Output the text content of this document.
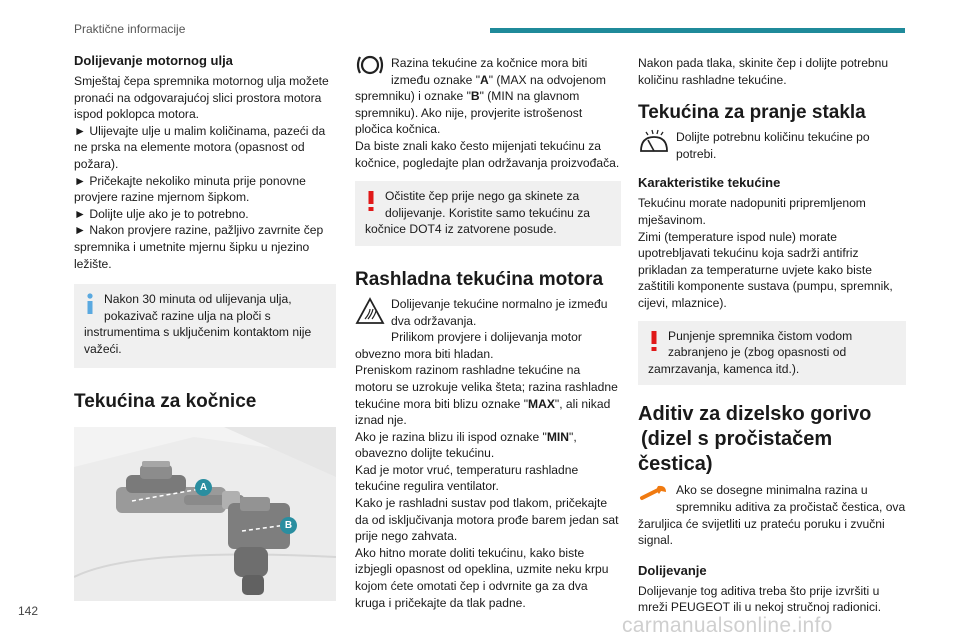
Praktične informacije
Dolijevanje motornog ulja

Smještaj čepa spremnika motornog ulja možete pronaći na odgovarajućoj slici prostora motora ispod poklopca motora.

► Ulijevajte ulje u malim količinama, pazeći da ne prska na elemente motora (opasnost od požara).

► Pričekajte nekoliko minuta prije ponovne provjere razine mjernom šipkom.

► Dolijte ulje ako je to potrebno.

► Nakon provjere razine, pažljivo zavrnite čep spremnika i umetnite mjernu šipku u njezino ležište.

Nakon 30 minuta od ulijevanja ulja, pokazivač razine ulja na ploči s instrumentima s uključenim kontaktom nije važeći.

Tekućina za kočnice
A
B

Razina tekućine za kočnice mora biti između oznake "A" (MAX na odvojenom spremniku) i oznake "B" (MIN na glavnom spremniku). Ako nije, provjerite istrošenost pločica kočnica.

Da biste znali kako često mijenjati tekućinu za kočnice, pogledajte plan održavanja proizvođača.

Očistite čep prije nego ga skinete za dolijevanje. Koristite samo tekućinu za kočnice DOT4 iz zatvorene posude.

Rashladna tekućina motora

Dolijevanje tekućine normalno je između dva održavanja.

Prilikom provjere i dolijevanja motor obvezno mora biti hladan.

Preniskom razinom rashladne tekućine na motoru se uzrokuje velika šteta; razina rashladne tekućine mora biti blizu oznake "MAX", ali nikad iznad nje.

Ako je razina blizu ili ispod oznake "MIN", obavezno dolijte tekućinu.

Kad je motor vruć, temperaturu rashladne tekućine regulira ventilator.

Kako je rashladni sustav pod tlakom, pričekajte da od isključivanja motora prođe barem jedan sat prije nego zahvata.

Ako hitno morate doliti tekućinu, kako biste izbjegli opasnost od opeklina, uzmite neku krpu kojom ćete omotati čep i odvrnite ga za dva kruga i pričekajte da tlak padne.

Nakon pada tlaka, skinite čep i dolijte potrebnu količinu rashladne tekućine.

Tekućina za pranje stakla

Dolijte potrebnu količinu tekućine po potrebi.

Karakteristike tekućine

Tekućinu morate nadopuniti pripremljenom mješavinom.

Zimi (temperature ispod nule) morate upotrebljavati tekućinu koja sadrži antifriz prikladan za temperaturne uvjete kako biste zaštitili komponente sustava (pumpu, spremnik, cijevi, mlaznice).

Punjenje spremnika čistom vodom zabranjeno je (zbog opasnosti od zamrzavanja, kamenca itd.).

Aditiv za dizelsko gorivo
(dizel s pročistačem čestica)

Ako se dosegne minimalna razina u spremniku aditiva za pročistač čestica, ova žaruljica će svijetliti uz prateću poruku i zvučni signal.

Dolijevanje

Dolijevanje tog aditiva treba što prije izvršiti u mreži PEUGEOT ili u nekoj stručnoj radionici.

142
carmanualsonline.info
